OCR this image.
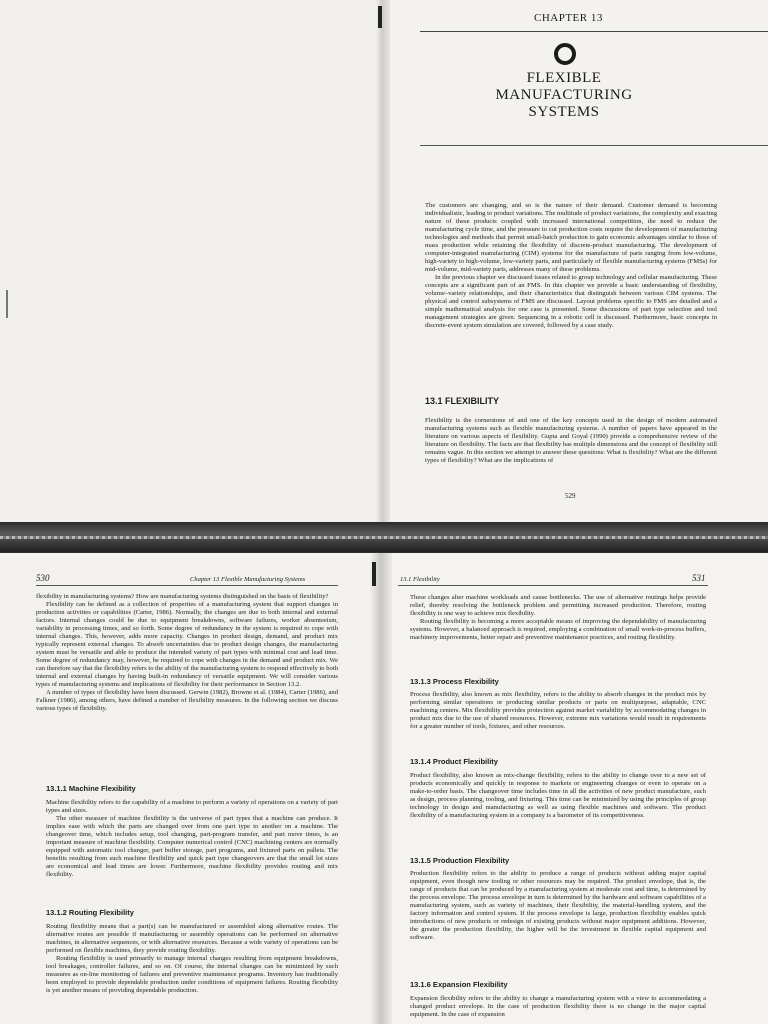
CHAPTER 13
FLEXIBLE
MANUFACTURING
SYSTEMS

The customers are changing, and so is the nature of their demand. Customer demand is becoming individualistic, leading to product variations. The multitude of product variations, the complexity and exacting nature of these products coupled with increased international competition, the need to reduce the manufacturing cycle time, and the pressure to cut production costs require the development of manufacturing technologies and methods that permit small-batch production to gain economic advantages similar to those of mass production while retaining the flexibility of discrete-product manufacturing. The development of computer-integrated manufacturing (CIM) systems for the manufacture of parts ranging from low-volume, high-variety to high-volume, low-variety parts, and particularly of flexible manufacturing systems (FMSs) for mid-volume, mid-variety parts, addresses many of these problems.

In the previous chapter we discussed issues related to group technology and cellular manufacturing. These concepts are a significant part of an FMS. In this chapter we provide a basic understanding of flexibility, volume–variety relationships, and their characteristics that distinguish between various CIM systems. The physical and control subsystems of FMS are discussed. Layout problems specific to FMS are detailed and a simple mathematical analysis for one case is presented. Some discussions of part type selection and tool management strategies are given. Sequencing in a robotic cell is discussed. Furthermore, basic concepts in discrete-event system simulation are covered, followed by a case study.

13.1 FLEXIBILITY

Flexibility is the cornerstone of and one of the key concepts used in the design of modern automated manufacturing systems such as flexible manufacturing systems. A number of papers have appeared in the literature on various aspects of flexibility. Gupta and Goyal (1990) provide a comprehensive review of the literature on flexibility. The facts are that flexibility has multiple dimensions and the concept of flexibility still remains vague. In this section we attempt to answer these questions: What is flexibility? What are the different types of flexibility? What are the implications of

529
530	Chapter 13 Flexible Manufacturing Systems

flexibility in manufacturing systems? How are manufacturing systems distinguished on the basis of flexibility?

Flexibility can be defined as a collection of properties of a manufacturing system that support changes in production activities or capabilities (Carter, 1986). Normally, the changes are due to both internal and external factors. Internal changes could be due to equipment breakdowns, software failures, worker absenteeism, variability in processing times, and so forth. Some degree of redundancy in the system is required to cope with internal changes. This, however, adds more capacity. Changes in product design, demand, and product mix typically represent external changes. To absorb uncertainties due to product design changes, the manufacturing system must be versatile and able to produce the intended variety of part types with minimal cost and lead time. Some degree of redundancy may, however, be required to cope with changes in the demand and product mix. We can therefore say that the flexibility refers to the ability of the manufacturing system to respond effectively to both internal and external changes by having built-in redundancy of versatile equipment. We will consider various types of manufacturing systems and implications of flexibility for their performance in Section 13.2.

A number of types of flexibility have been discussed. Gerwin (1982), Browne et al. (1984), Carter (1986), and Falkner (1986), among others, have defined a number of flexibility measures. In the following section we discuss various types of flexibility.

13.1.1 Machine Flexibility

Machine flexibility refers to the capability of a machine to perform a variety of operations on a variety of part types and sizes.

The other measure of machine flexibility is the universe of part types that a machine can produce. It implies ease with which the parts are changed over from one part type to another on a machine. The changeover time, which includes setup, tool changing, part-program transfer, and part move times, is an important measure of machine flexibility. Computer numerical control (CNC) machining centers are normally equipped with automatic tool changer, part buffer storage, part programs, and fixtured parts on pallets. The benefits resulting from such machine flexibility and quick part type changeovers are that the small lot sizes are economical and lead times are lower. Furthermore, machine flexibility provides routing and mix flexibility.

13.1.2 Routing Flexibility

Routing flexibility means that a part(s) can be manufactured or assembled along alternative routes. The alternative routes are possible if manufacturing or assembly operations can be performed on alternative machines, in alternative sequences, or with alternative resources. Because a wide variety of operations can be performed on flexible machines, they provide routing flexibility.

Routing flexibility is used primarily to manage internal changes resulting from equipment breakdowns, tool breakages, controller failures, and so on. Of course, the internal changes can be minimized by such measures as on-line monitoring of failures and preventive maintenance programs. Inventory has traditionally been employed to provide dependable production under conditions of equipment failures. Routing flexibility is yet another means of providing dependable production.

13.1 Flexibility	531

These changes alter machine workloads and cause bottlenecks. The use of alternative routings helps provide relief, thereby resolving the bottleneck problem and permitting increased production. Therefore, routing flexibility is one way to achieve mix flexibility.

Routing flexibility is becoming a more acceptable means of improving the dependability of manufacturing systems. However, a balanced approach is required, employing a combination of small work-in-process buffers, machinery improvements, better repair and preventive maintenance practices, and routing flexibility.

13.1.3 Process Flexibility

Process flexibility, also known as mix flexibility, refers to the ability to absorb changes in the product mix by performing similar operations or producing similar products or parts on multipurpose, adaptable, CNC machining centers. Mix flexibility provides protection against market variability by accommodating changes in product mix due to the use of shared resources. However, extreme mix variations would result in requirements for a greater number of tools, fixtures, and other resources.

13.1.4 Product Flexibility

Product flexibility, also known as mix-change flexibility, refers to the ability to change over to a new set of products economically and quickly in response to markets or engineering changes or even to operate on a make-to-order basis. The changeover time includes time in all the activities of new product manufacture, such as design, process planning, tooling, and fixturing. This time can be minimized by using the principles of group technology in design and manufacturing as well as using flexible machines and software. The product flexibility of a manufacturing system in a company is a barometer of its competitiveness.

13.1.5 Production Flexibility

Production flexibility refers to the ability to produce a range of products without adding major capital equipment, even though new tooling or other resources may be required. The product envelope, that is, the range of products that can be produced by a manufacturing system at moderate cost and time, is determined by the process envelope. The process envelope in turn is determined by the hardware and software capabilities of a manufacturing system, such as variety of machines, their flexibility, the material-handling system, and the factory information and control system. If the process envelope is large, production flexibility enables quick introductions of new products or redesign of existing products without major equipment additions. However, the greater the production flexibility, the higher will be the investment in flexible capital equipment and software.

13.1.6 Expansion Flexibility

Expansion flexibility refers to the ability to change a manufacturing system with a view to accommodating a changed product envelope. In the case of production flexibility there is no change in the major capital equipment. In the case of expansion
